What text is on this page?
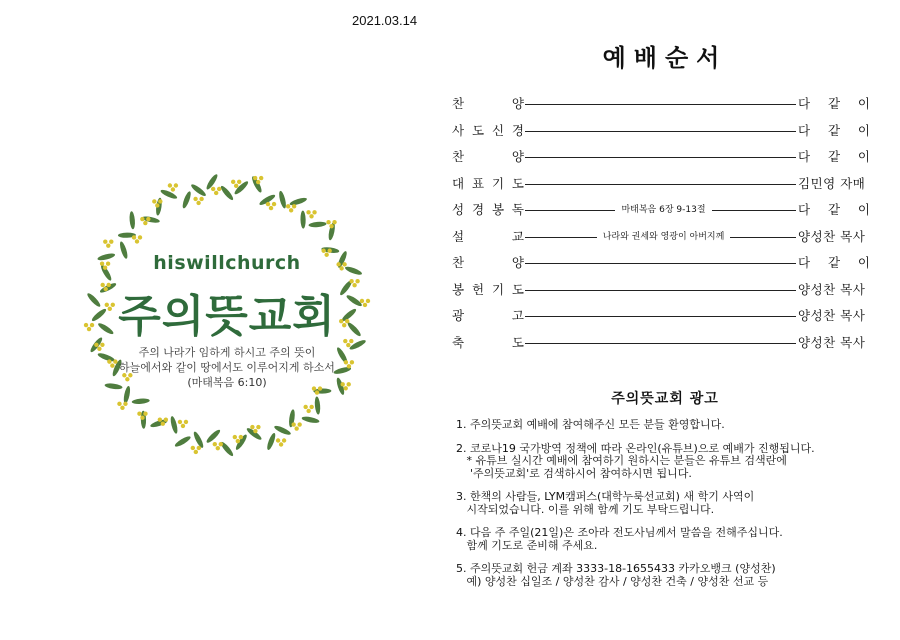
2021.03.14
hiswillchurch
주의뜻교회
주의 나라가 임하게 하시고 주의 뜻이
하늘에서와 같이 땅에서도 이루어지게 하소서
(마태복음 6:10)
예배순서
찬	양	다 같 이
사 도 신 경	다 같 이
찬	양	다 같 이
대 표 기 도	김민영 자매
성 경 봉 독	마태복음 6장 9-13절	다 같 이
설	교	나라와 권세와 영광이 아버지께	양성찬 목사
찬	양	다 같 이
봉 헌 기 도	양성찬 목사
광	고	양성찬 목사
축	도	양성찬 목사
주의뜻교회 광고
1. 주의뜻교회 예배에 참여해주신 모든 분들 환영합니다.
2. 코로나19 국가방역 정책에 따라 온라인(유튜브)으로 예배가 진행됩니다.
* 유튜브 실시간 예배에 참여하기 원하시는 분들은 유튜브 검색란에
'주의뜻교회'로 검색하시어 참여하시면 됩니다.
3. 한책의 사람들, LYM캠퍼스(대학누룩선교회) 새 학기 사역이
시작되었습니다. 이를 위해 함께 기도 부탁드립니다.
4. 다음 주 주일(21일)은 조아라 전도사님께서 말씀을 전해주십니다.
함께 기도로 준비해 주세요.
5. 주의뜻교회 헌금 계좌 3333-18-1655433 카카오뱅크 (양성찬)
예) 양성찬 십일조 / 양성찬 감사 / 양성찬 건축 / 양성찬 선교 등
